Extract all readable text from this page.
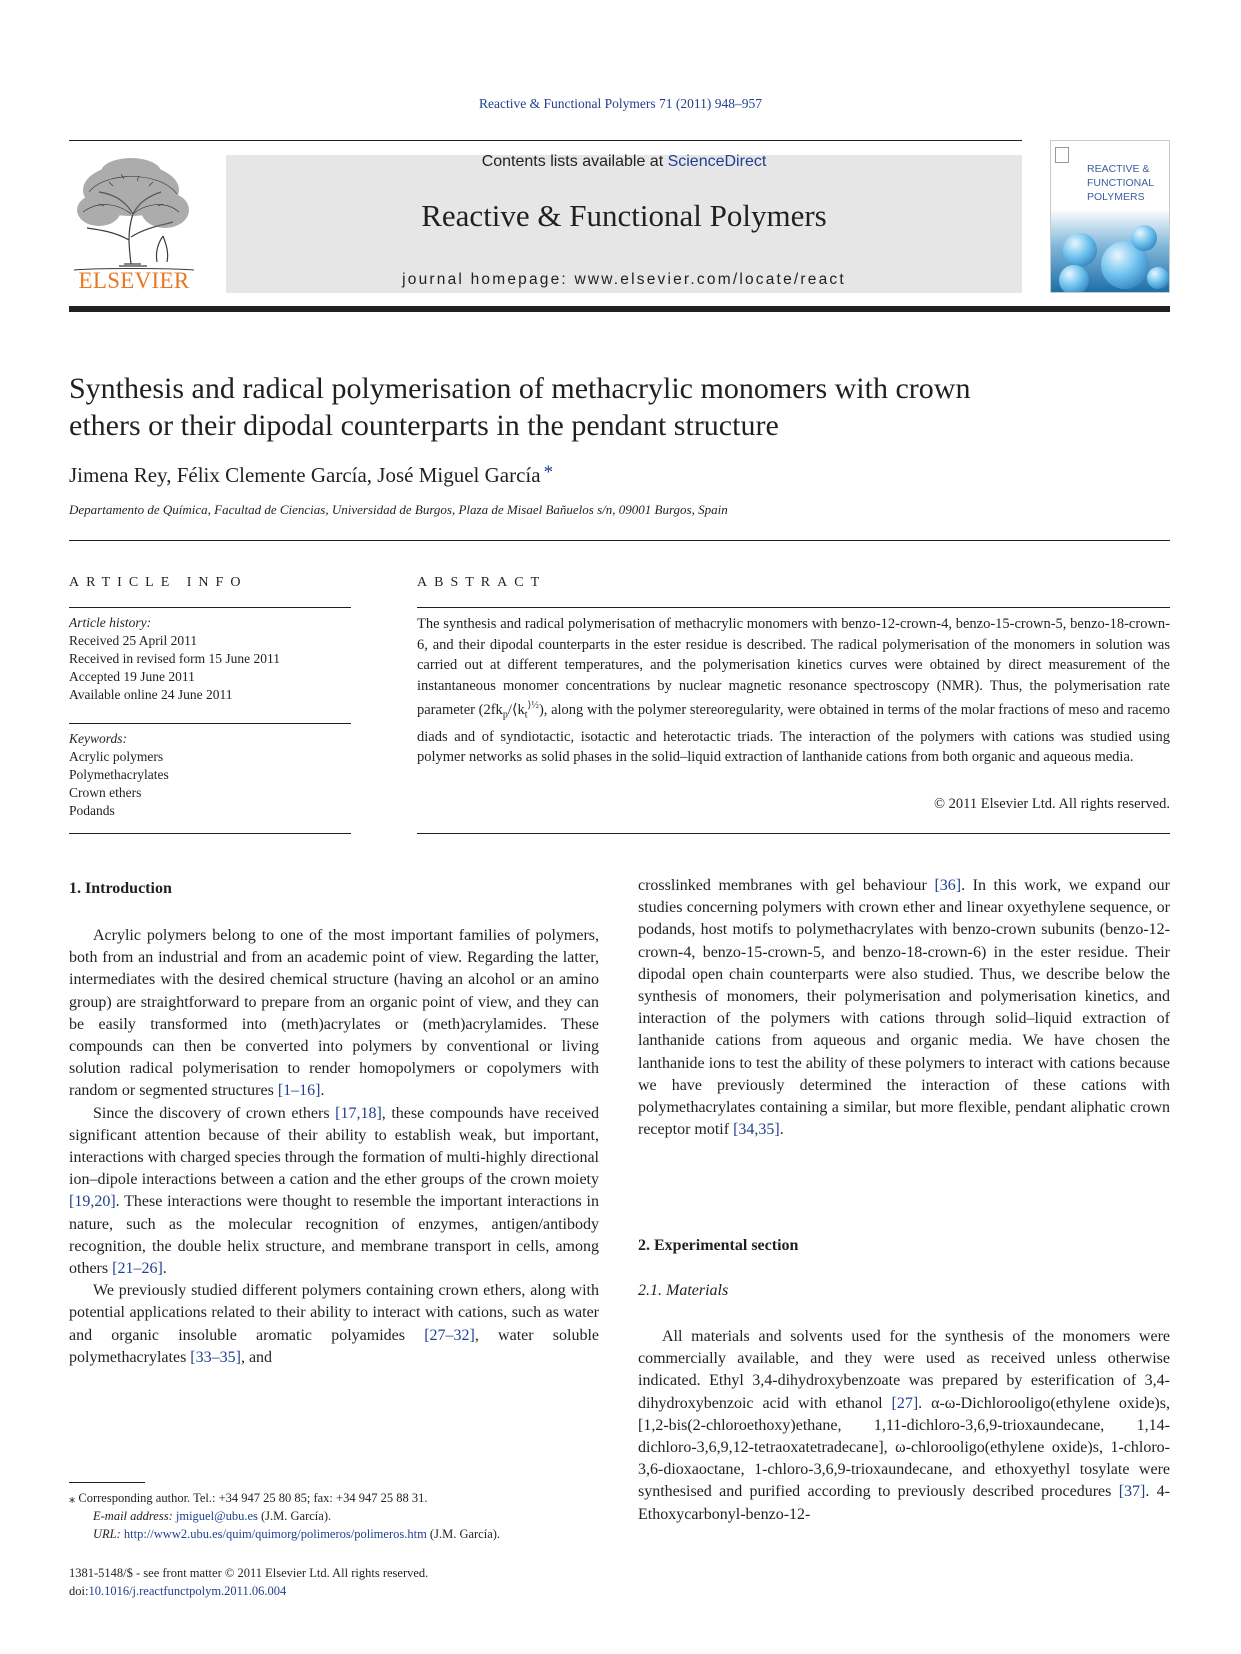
Reactive & Functional Polymers 71 (2011) 948–957
Contents lists available at ScienceDirect
Reactive & Functional Polymers
journal homepage: www.elsevier.com/locate/react
ELSEVIER
REACTIVE &
FUNCTIONAL
POLYMERS
Synthesis and radical polymerisation of methacrylic monomers with crown
ethers or their dipodal counterparts in the pendant structure
Jimena Rey, Félix Clemente García, José Miguel García *
Departamento de Química, Facultad de Ciencias, Universidad de Burgos, Plaza de Misael Bañuelos s/n, 09001 Burgos, Spain
ARTICLE INFO
Article history:
Received 25 April 2011
Received in revised form 15 June 2011
Accepted 19 June 2011
Available online 24 June 2011
Keywords:
Acrylic polymers
Polymethacrylates
Crown ethers
Podands
ABSTRACT
The synthesis and radical polymerisation of methacrylic monomers with benzo-12-crown-4, benzo-15-crown-5, benzo-18-crown-6, and their dipodal counterparts in the ester residue is described. The radical polymerisation of the monomers in solution was carried out at different temperatures, and the polymerisation kinetics curves were obtained by direct measurement of the instantaneous monomer concentrations by nuclear magnetic resonance spectroscopy (NMR). Thus, the polymerisation rate parameter $(2fk_p/⟨k_t^{⟩\frac{1}{2}})$, along with the polymer stereoregularity, were obtained in terms of the molar fractions of meso and racemo diads and of syndiotactic, isotactic and heterotactic triads. The interaction of the polymers with cations was studied using polymer networks as solid phases in the solid–liquid extraction of lanthanide cations from both organic and aqueous media.
© 2011 Elsevier Ltd. All rights reserved.
1. Introduction

Acrylic polymers belong to one of the most important families of polymers, both from an industrial and from an academic point of view. Regarding the latter, intermediates with the desired chemical structure (having an alcohol or an amino group) are straightforward to prepare from an organic point of view, and they can be easily transformed into (meth)acrylates or (meth)acrylamides. These compounds can then be converted into polymers by conventional or living solution radical polymerisation to render homopolymers or copolymers with random or segmented structures [1–16].

Since the discovery of crown ethers [17,18], these compounds have received significant attention because of their ability to establish weak, but important, interactions with charged species through the formation of multi-highly directional ion–dipole interactions between a cation and the ether groups of the crown moiety [19,20]. These interactions were thought to resemble the important interactions in nature, such as the molecular recognition of enzymes, antigen/antibody recognition, the double helix structure, and membrane transport in cells, among others [21–26].

We previously studied different polymers containing crown ethers, along with potential applications related to their ability to interact with cations, such as water and organic insoluble aromatic polyamides [27–32], water soluble polymethacrylates [33–35], and

crosslinked membranes with gel behaviour [36]. In this work, we expand our studies concerning polymers with crown ether and linear oxyethylene sequence, or podands, host motifs to polymethacrylates with benzo-crown subunits (benzo-12-crown-4, benzo-15-crown-5, and benzo-18-crown-6) in the ester residue. Their dipodal open chain counterparts were also studied. Thus, we describe below the synthesis of monomers, their polymerisation and polymerisation kinetics, and interaction of the polymers with cations through solid–liquid extraction of lanthanide cations from aqueous and organic media. We have chosen the lanthanide ions to test the ability of these polymers to interact with cations because we have previously determined the interaction of these cations with polymethacrylates containing a similar, but more flexible, pendant aliphatic crown receptor motif [34,35].

2. Experimental section
2.1. Materials

All materials and solvents used for the synthesis of the monomers were commercially available, and they were used as received unless otherwise indicated. Ethyl 3,4-dihydroxybenzoate was prepared by esterification of 3,4-dihydroxybenzoic acid with ethanol [27]. α-ω-Dichlorooligo(ethylene oxide)s, [1,2-bis(2-chloroethoxy)ethane, 1,11-dichloro-3,6,9-trioxaundecane, 1,14-dichloro-3,6,9,12-tetraoxatetradecane], ω-chlorooligo(ethylene oxide)s, 1-chloro-3,6-dioxaoctane, 1-chloro-3,6,9-trioxaundecane, and ethoxyethyl tosylate were synthesised and purified according to previously described procedures [37]. 4-Ethoxycarbonyl-benzo-12-

⁎ Corresponding author. Tel.: +34 947 25 80 85; fax: +34 947 25 88 31.
E-mail address: jmiguel@ubu.es (J.M. García).
URL: http://www2.ubu.es/quim/quimorg/polimeros/polimeros.htm (J.M. García).
1381-5148/$ - see front matter © 2011 Elsevier Ltd. All rights reserved.
doi:10.1016/j.reactfunctpolym.2011.06.004
